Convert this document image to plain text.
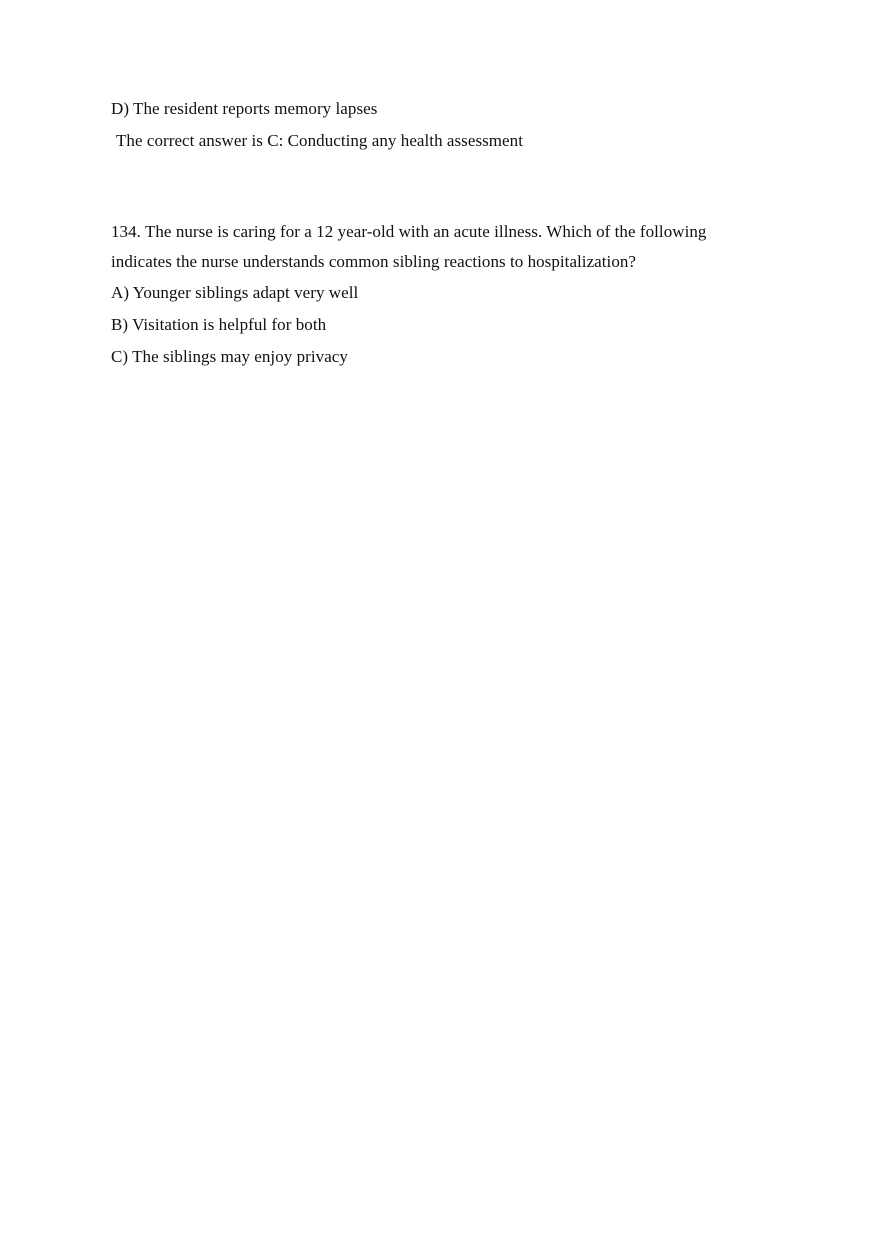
D) The resident reports memory lapses
The correct answer is C: Conducting any health assessment
134. The nurse is caring for a 12 year-old with an acute illness. Which of the following
indicates the nurse understands common sibling reactions to hospitalization?
A) Younger siblings adapt very well
B) Visitation is helpful for both
C) The siblings may enjoy privacy
